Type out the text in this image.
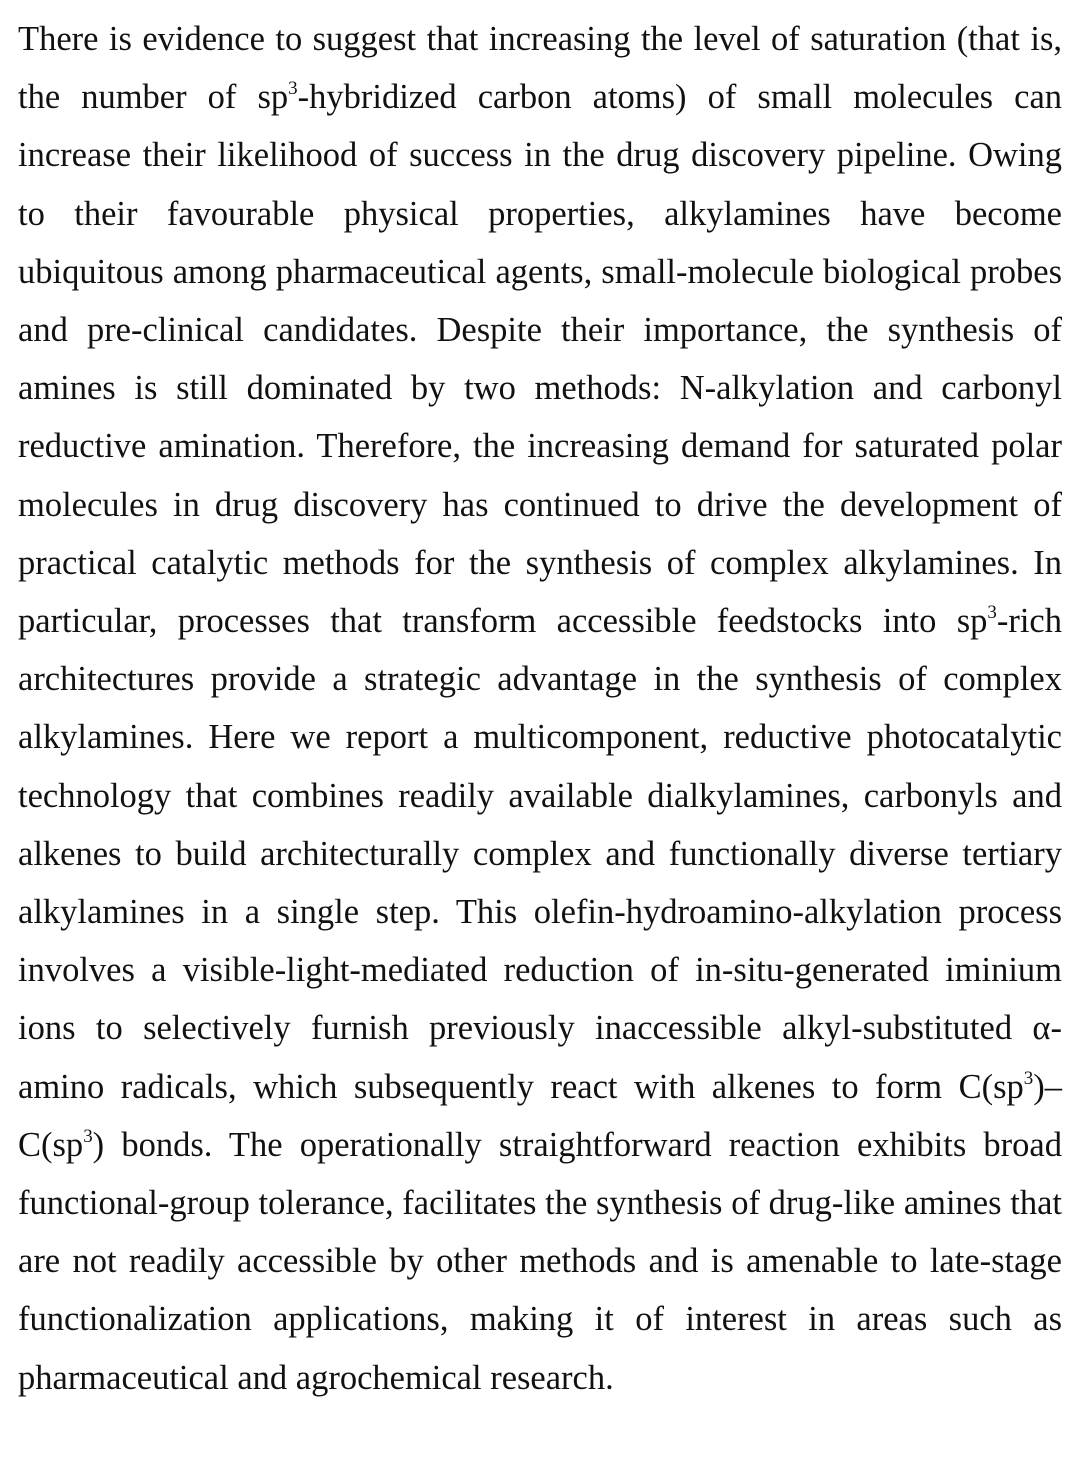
There is evidence to suggest that increasing the level of saturation (that is, the number of $sp^3$-hybridized carbon atoms) of small molecules can increase their likelihood of success in the drug discovery pipeline. Owing to their favourable physical properties, alkylamines have become ubiquitous among pharmaceutical agents, small-molecule biological probes and pre-clinical candidates. Despite their importance, the synthesis of amines is still dominated by two methods: N-alkylation and carbonyl reductive amination. Therefore, the increasing demand for saturated polar molecules in drug discovery has continued to drive the development of practical catalytic methods for the synthesis of complex alkylamines. In particular, processes that transform accessible feedstocks into $sp^3$-rich architectures provide a strategic advantage in the synthesis of complex alkylamines. Here we report a multicomponent, reductive photocatalytic technology that combines readily available dialkylamines, carbonyls and alkenes to build architecturally complex and functionally diverse tertiary alkylamines in a single step. This olefin-hydroamino-alkylation process involves a visible-light-mediated reduction of in-situ-generated iminium ions to selectively furnish previously inaccessible alkyl-substituted α-amino radicals, which subsequently react with alkenes to form $C(sp^3)-C(sp^3)$ bonds. The operationally straightforward reaction exhibits broad functional-group tolerance, facilitates the synthesis of drug-like amines that are not readily accessible by other methods and is amenable to late-stage functionalization applications, making it of interest in areas such as pharmaceutical and agrochemical research.
